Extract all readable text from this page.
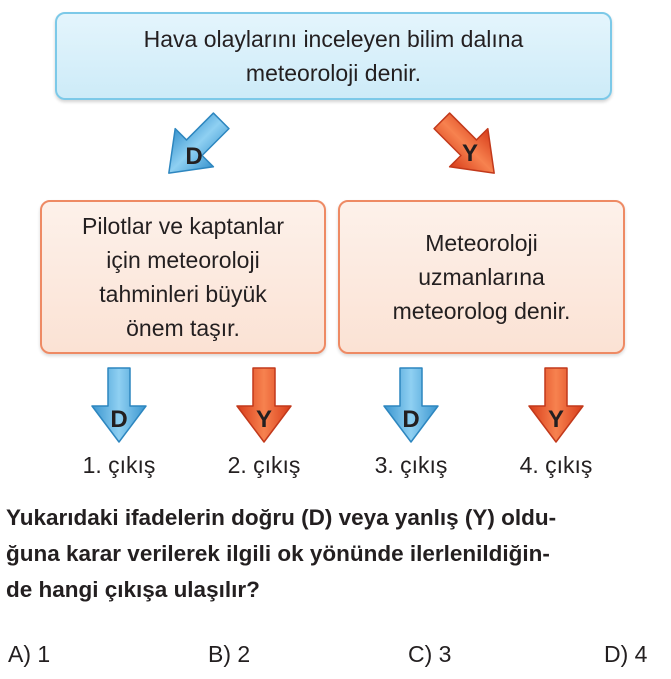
Hava olaylarını inceleyen bilim dalına
meteoroloji denir.
D	Y
Pilotlar ve kaptanlar
için meteoroloji
tahminleri büyük
önem taşır.
Meteoroloji
uzmanlarına
meteorolog denir.
D	Y	D	Y
1. çıkış	2. çıkış	3. çıkış	4. çıkış
Yukarıdaki ifadelerin doğru (D) veya yanlış (Y) oldu-
ğuna karar verilerek ilgili ok yönünde ilerlenildiğin-
de hangi çıkışa ulaşılır?
A) 1	B) 2	C) 3	D) 4
